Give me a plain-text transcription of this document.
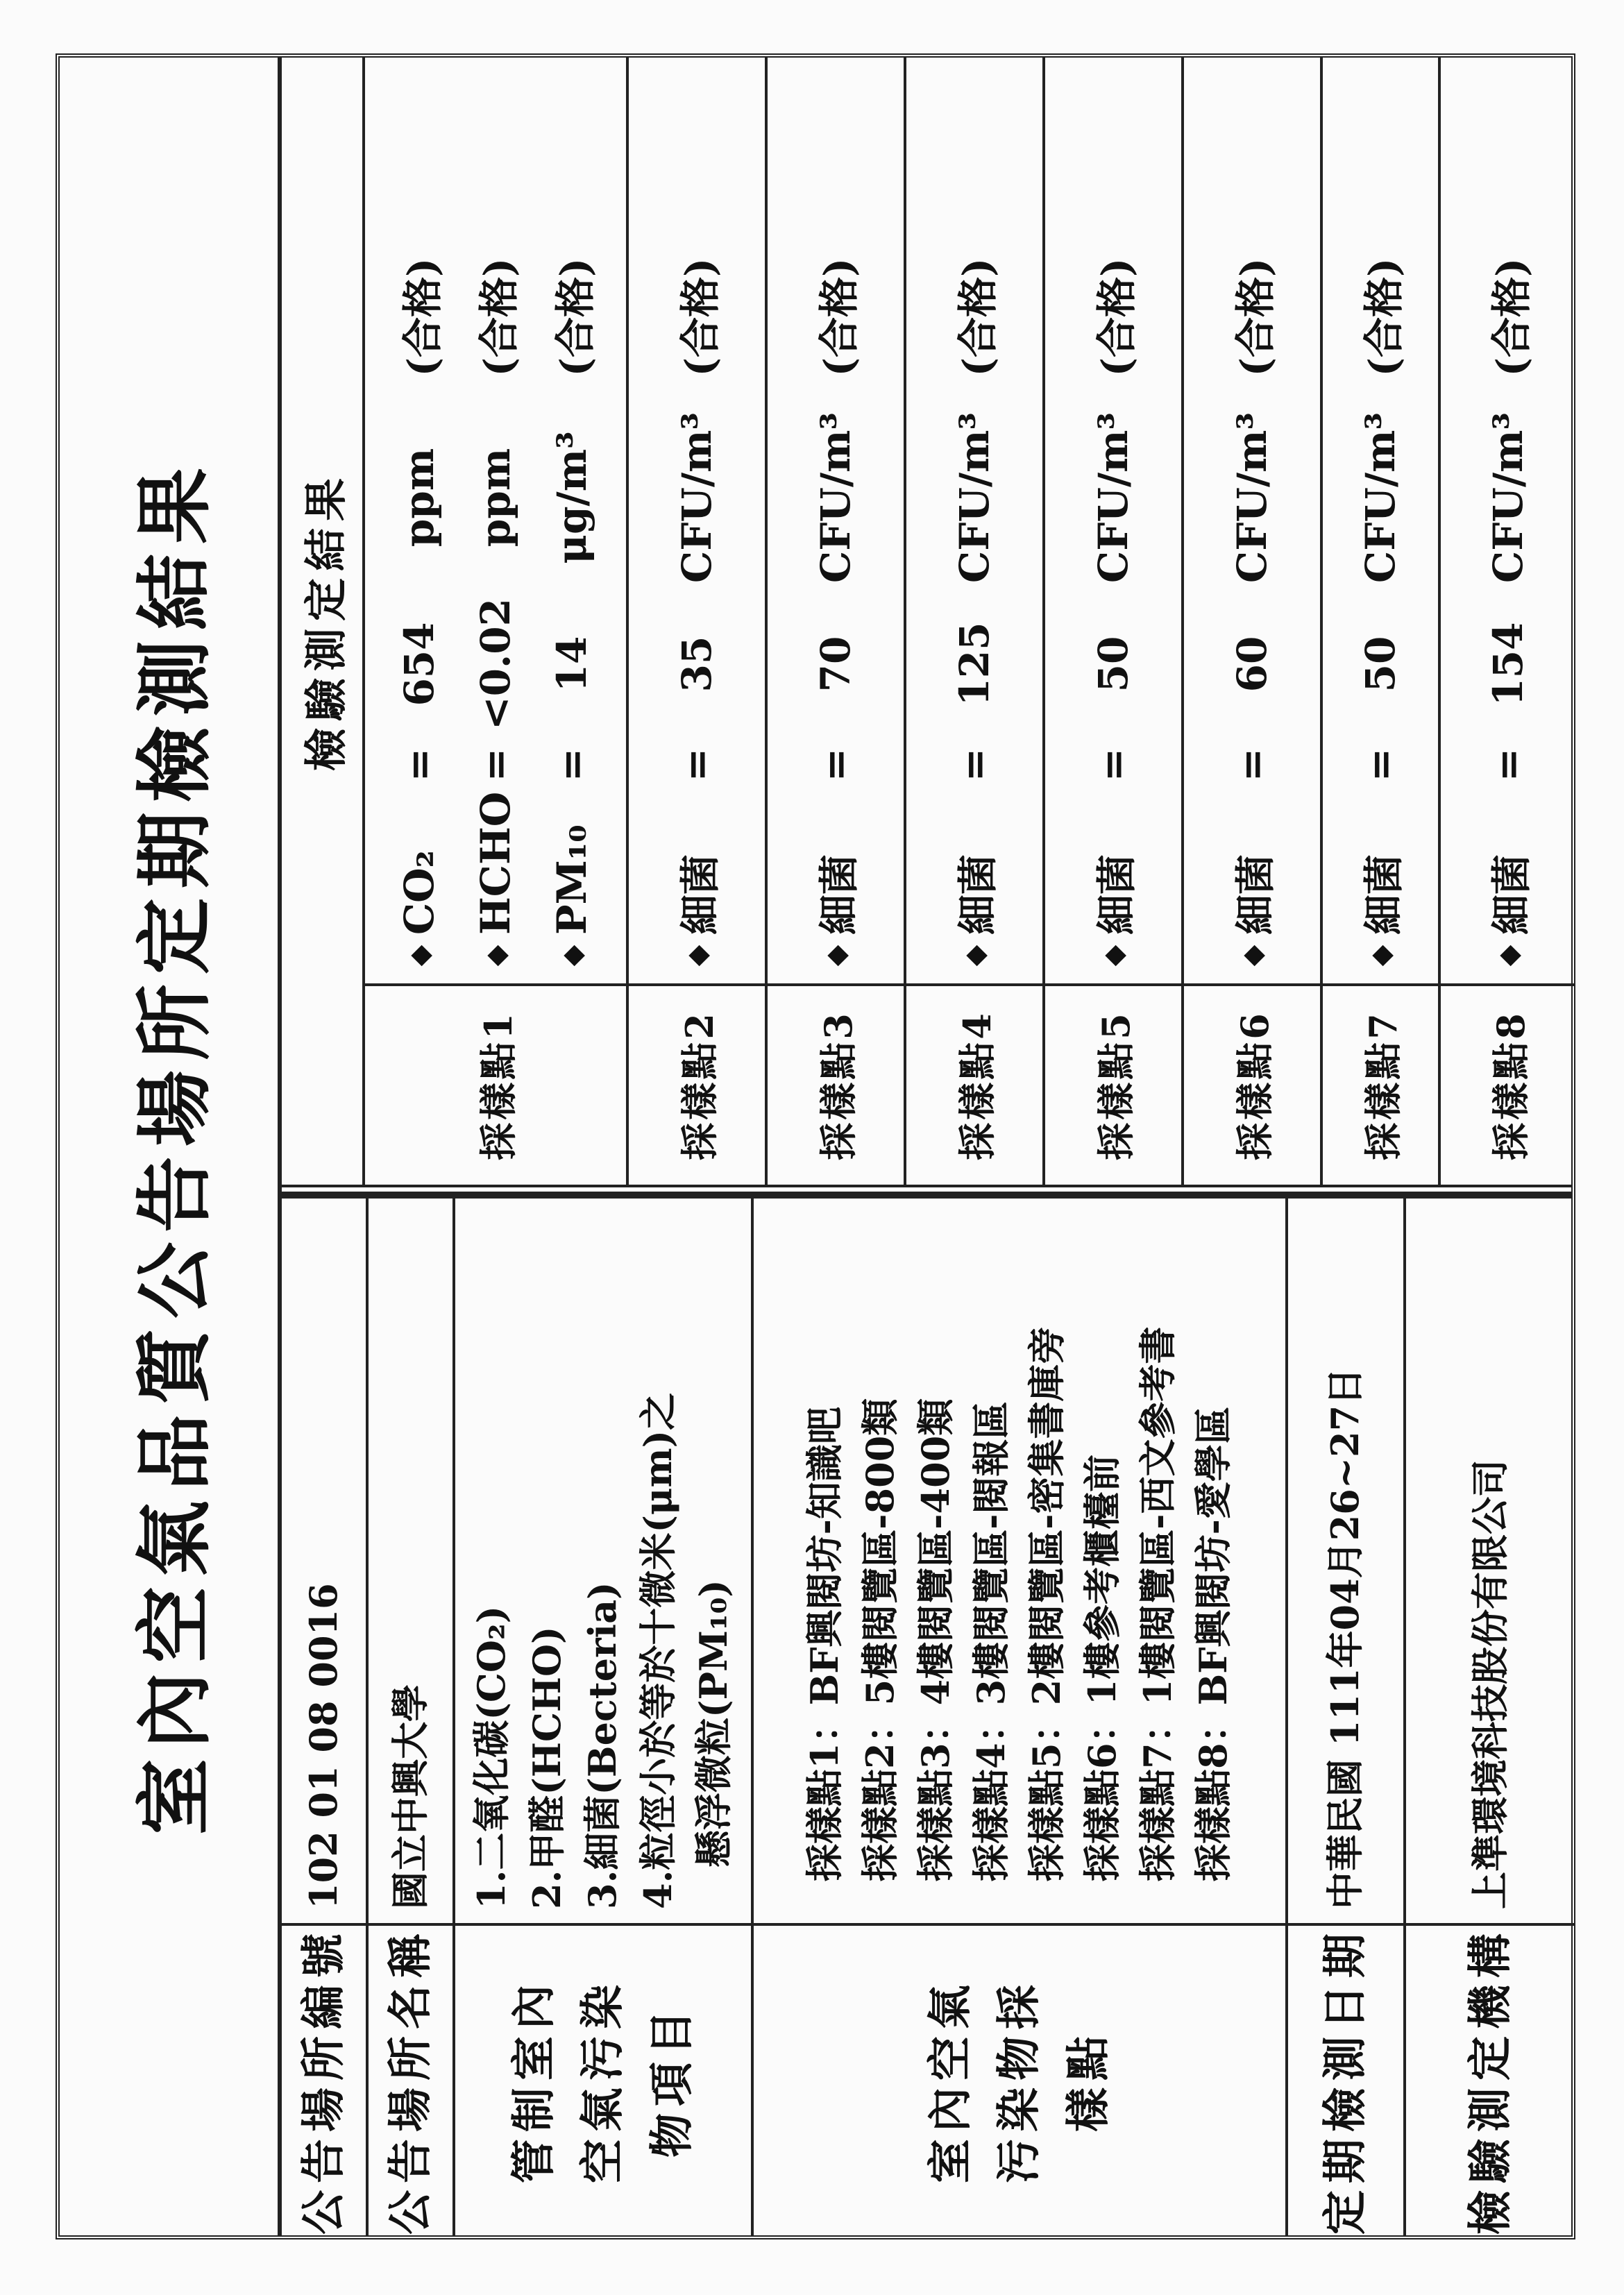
室內空氣品質公告場所定期檢測結果
公告場所編號
102 01 08 0016
公告場所名稱
國立中興大學
管制室內空氣污染物項目
1.二氧化碳(CO₂) 2.甲醛(HCHO) 3.細菌(Becteria) 4.粒徑小於等於十微米(μm)之 懸浮微粒(PM₁₀)
室內空氣污染物採樣點
採樣點1：BF興閱坊-知識吧 採樣點2：5樓閱覽區-800類 採樣點3：4樓閱覽區-400類 採樣點4：3樓閱覽區-閱報區 採樣點5：2樓閱覽區-密集書庫旁 採樣點6：1樓參考櫃檯前 採樣點7：1樓閱覽區-西文參考書 採樣點8：BF興閱坊-愛學區
定期檢測日期
中華民國 111年04月26~27日
檢驗測定機構
上準環境科技股份有限公司
檢驗測定結果
採樣點1
◆
CO₂
=
654
ppm
(合格)
◆
HCHO
=
<0.02
ppm
(合格)
◆
PM₁₀
=
14
μg/m³
(合格)
採樣點2
◆
細菌
=
35
CFU/m³
(合格)
採樣點3
◆
細菌
=
70
CFU/m³
(合格)
採樣點4
◆
細菌
=
125
CFU/m³
(合格)
採樣點5
◆
細菌
=
50
CFU/m³
(合格)
採樣點6
◆
細菌
=
60
CFU/m³
(合格)
採樣點7
◆
細菌
=
50
CFU/m³
(合格)
採樣點8
◆
細菌
=
154
CFU/m³
(合格)
